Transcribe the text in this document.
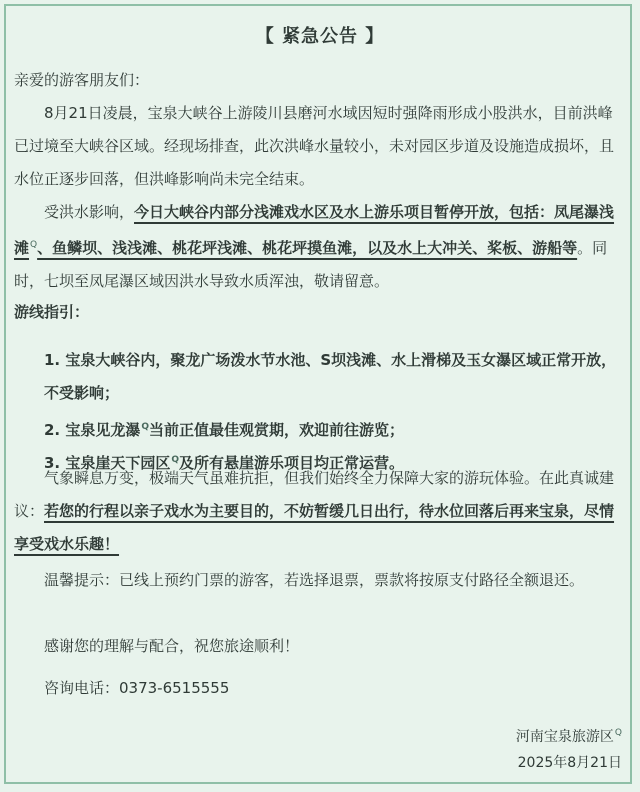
【 紧急公告 】

亲爱的游客朋友们：

8月21日凌晨，宝泉大峡谷上游陵川县磨河水域因短时强降雨形成小股洪水，目前洪峰已过境至大峡谷区域。经现场排查，此次洪峰水量较小，未对园区步道及设施造成损坏，且水位正逐步回落，但洪峰影响尚未完全结束。

受洪水影响，今日大峡谷内部分浅滩戏水区及水上游乐项目暂停开放，包括：凤尾瀑浅滩$^Q$、鱼鳞坝、浅浅滩、桃花坪浅滩、桃花坪摸鱼滩，以及水上大冲关、桨板、游船等。同时，七坝至凤尾瀑区域因洪水导致水质浑浊，敬请留意。

游线指引：

1. 宝泉大峡谷内，聚龙广场泼水节水池、S坝浅滩、水上滑梯及玉女瀑区域正常开放，不受影响；

2. 宝泉见龙瀑$^Q$当前正值最佳观赏期，欢迎前往游览；

3. 宝泉崖天下园区$^Q$及所有悬崖游乐项目均正常运营。

气象瞬息万变，极端天气虽难抗拒，但我们始终全力保障大家的游玩体验。在此真诚建议：若您的行程以亲子戏水为主要目的，不妨暂缓几日出行，待水位回落后再来宝泉，尽情享受戏水乐趣！

温馨提示：已线上预约门票的游客，若选择退票，票款将按原支付路径全额退还。

感谢您的理解与配合，祝您旅途顺利！

咨询电话：0373-6515555

河南宝泉旅游区$^Q$
2025年8月21日
